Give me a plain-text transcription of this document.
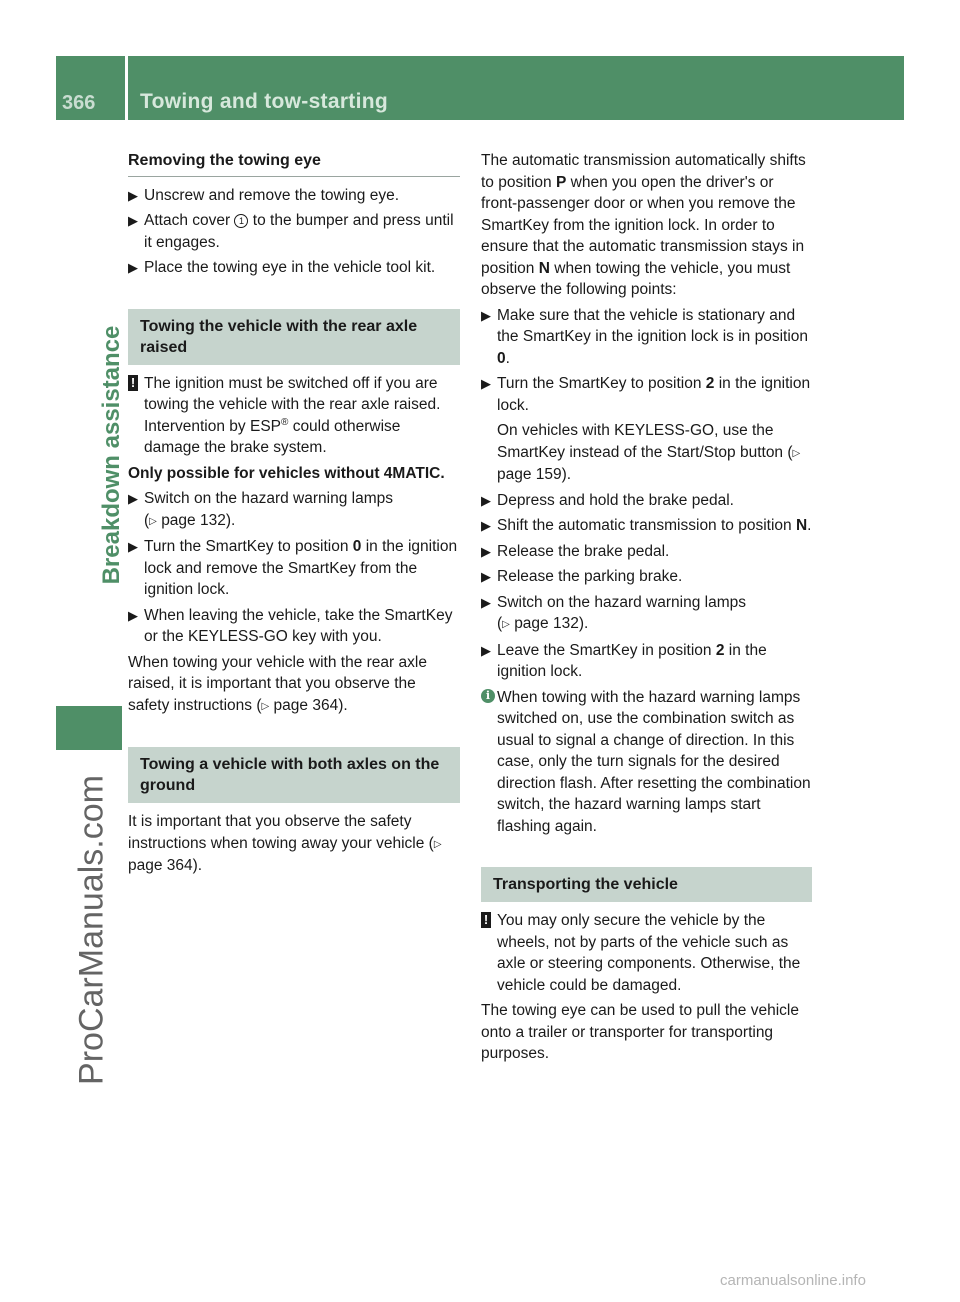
366	Towing and tow-starting
Breakdown assistance
ProCarManuals.com
carmanualsonline.info
Removing the towing eye
▶ Unscrew and remove the towing eye.
▶ Attach cover 1 to the bumper and press until it engages.
▶ Place the towing eye in the vehicle tool kit.
Towing the vehicle with the rear axle raised
! The ignition must be switched off if you are towing the vehicle with the rear axle raised. Intervention by ESP® could otherwise damage the brake system.
Only possible for vehicles without 4MATIC.
▶ Switch on the hazard warning lamps
(▷ page 132).
▶ Turn the SmartKey to position 0 in the ignition lock and remove the SmartKey from the ignition lock.
▶ When leaving the vehicle, take the SmartKey or the KEYLESS-GO key with you.
When towing your vehicle with the rear axle raised, it is important that you observe the safety instructions (▷ page 364).
Towing a vehicle with both axles on the ground
It is important that you observe the safety instructions when towing away your vehicle (▷ page 364).
The automatic transmission automatically shifts to position P when you open the driver's or front-passenger door or when you remove the SmartKey from the ignition lock. In order to ensure that the automatic transmission stays in position N when towing the vehicle, you must observe the following points:
▶ Make sure that the vehicle is stationary and the SmartKey in the ignition lock is in position 0.
▶ Turn the SmartKey to position 2 in the ignition lock.
On vehicles with KEYLESS-GO, use the SmartKey instead of the Start/Stop button (▷ page 159).
▶ Depress and hold the brake pedal.
▶ Shift the automatic transmission to position N.
▶ Release the brake pedal.
▶ Release the parking brake.
▶ Switch on the hazard warning lamps
(▷ page 132).
▶ Leave the SmartKey in position 2 in the ignition lock.
i When towing with the hazard warning lamps switched on, use the combination switch as usual to signal a change of direction. In this case, only the turn signals for the desired direction flash. After resetting the combination switch, the hazard warning lamps start flashing again.
Transporting the vehicle
! You may only secure the vehicle by the wheels, not by parts of the vehicle such as axle or steering components. Otherwise, the vehicle could be damaged.
The towing eye can be used to pull the vehicle onto a trailer or transporter for transporting purposes.
